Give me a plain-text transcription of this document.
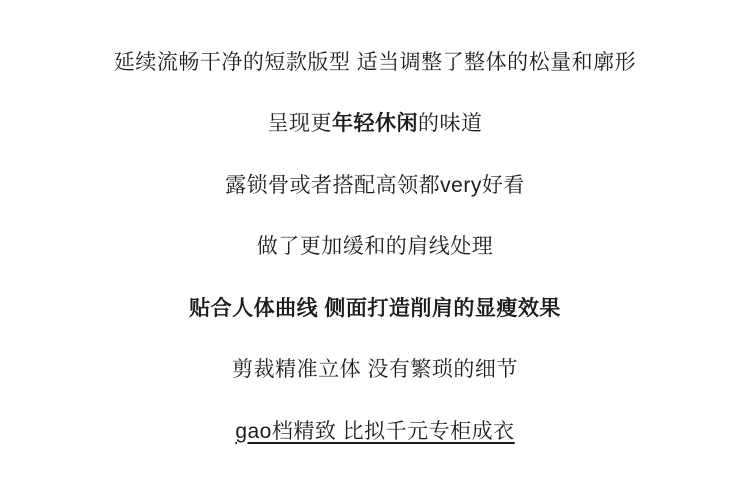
延续流畅干净的短款版型 适当调整了整体的松量和廓形
呈现更年轻休闲的味道
露锁骨或者搭配高领都very好看
做了更加缓和的肩线处理
贴合人体曲线 侧面打造削肩的显瘦效果
剪裁精准立体 没有繁琐的细节
gao档精致 比拟千元专柜成衣
